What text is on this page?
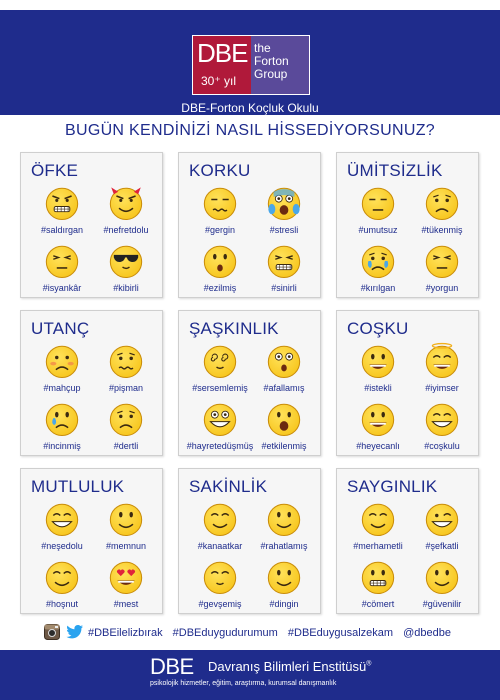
DBE
30⁺ yıl
the
Forton
Group
DBE-Forton Koçluk Okulu
BUGÜN KENDİNİZİ NASIL HİSSEDİYORSUNUZ?
ÖFKE
#saldırgan	#nefretdolu
#isyankâr	#kibirli
KORKU
#gergin	#stresli
#ezilmiş	#sinirli
ÜMİTSİZLİK
#umutsuz	#tükenmiş
#kırılgan	#yorgun
UTANÇ
#mahçup	#pişman
#incinmiş	#dertli
ŞAŞKINLIK
#sersemlemiş	#afallamış
#hayretedüşmüş #etkilenmiş
COŞKU
#istekli	#iyimser
#heyecanlı	#coşkulu
MUTLULUK
#neşedolu	#memnun
#hoşnut	#mest
SAKİNLİK
#kanaatkar	#rahatlamış
#gevşemiş	#dingin
SAYGINLIK
#merhametli	#şefkatli
#cömert	#güvenilir
#DBEilelizbırak #DBEduygudurumum #DBEduygusalzekam @dbedbe
DBE Davranış Bilimleri Enstitüsü®
psikolojik hizmetler, eğitim, araştırma, kurumsal danışmanlık
